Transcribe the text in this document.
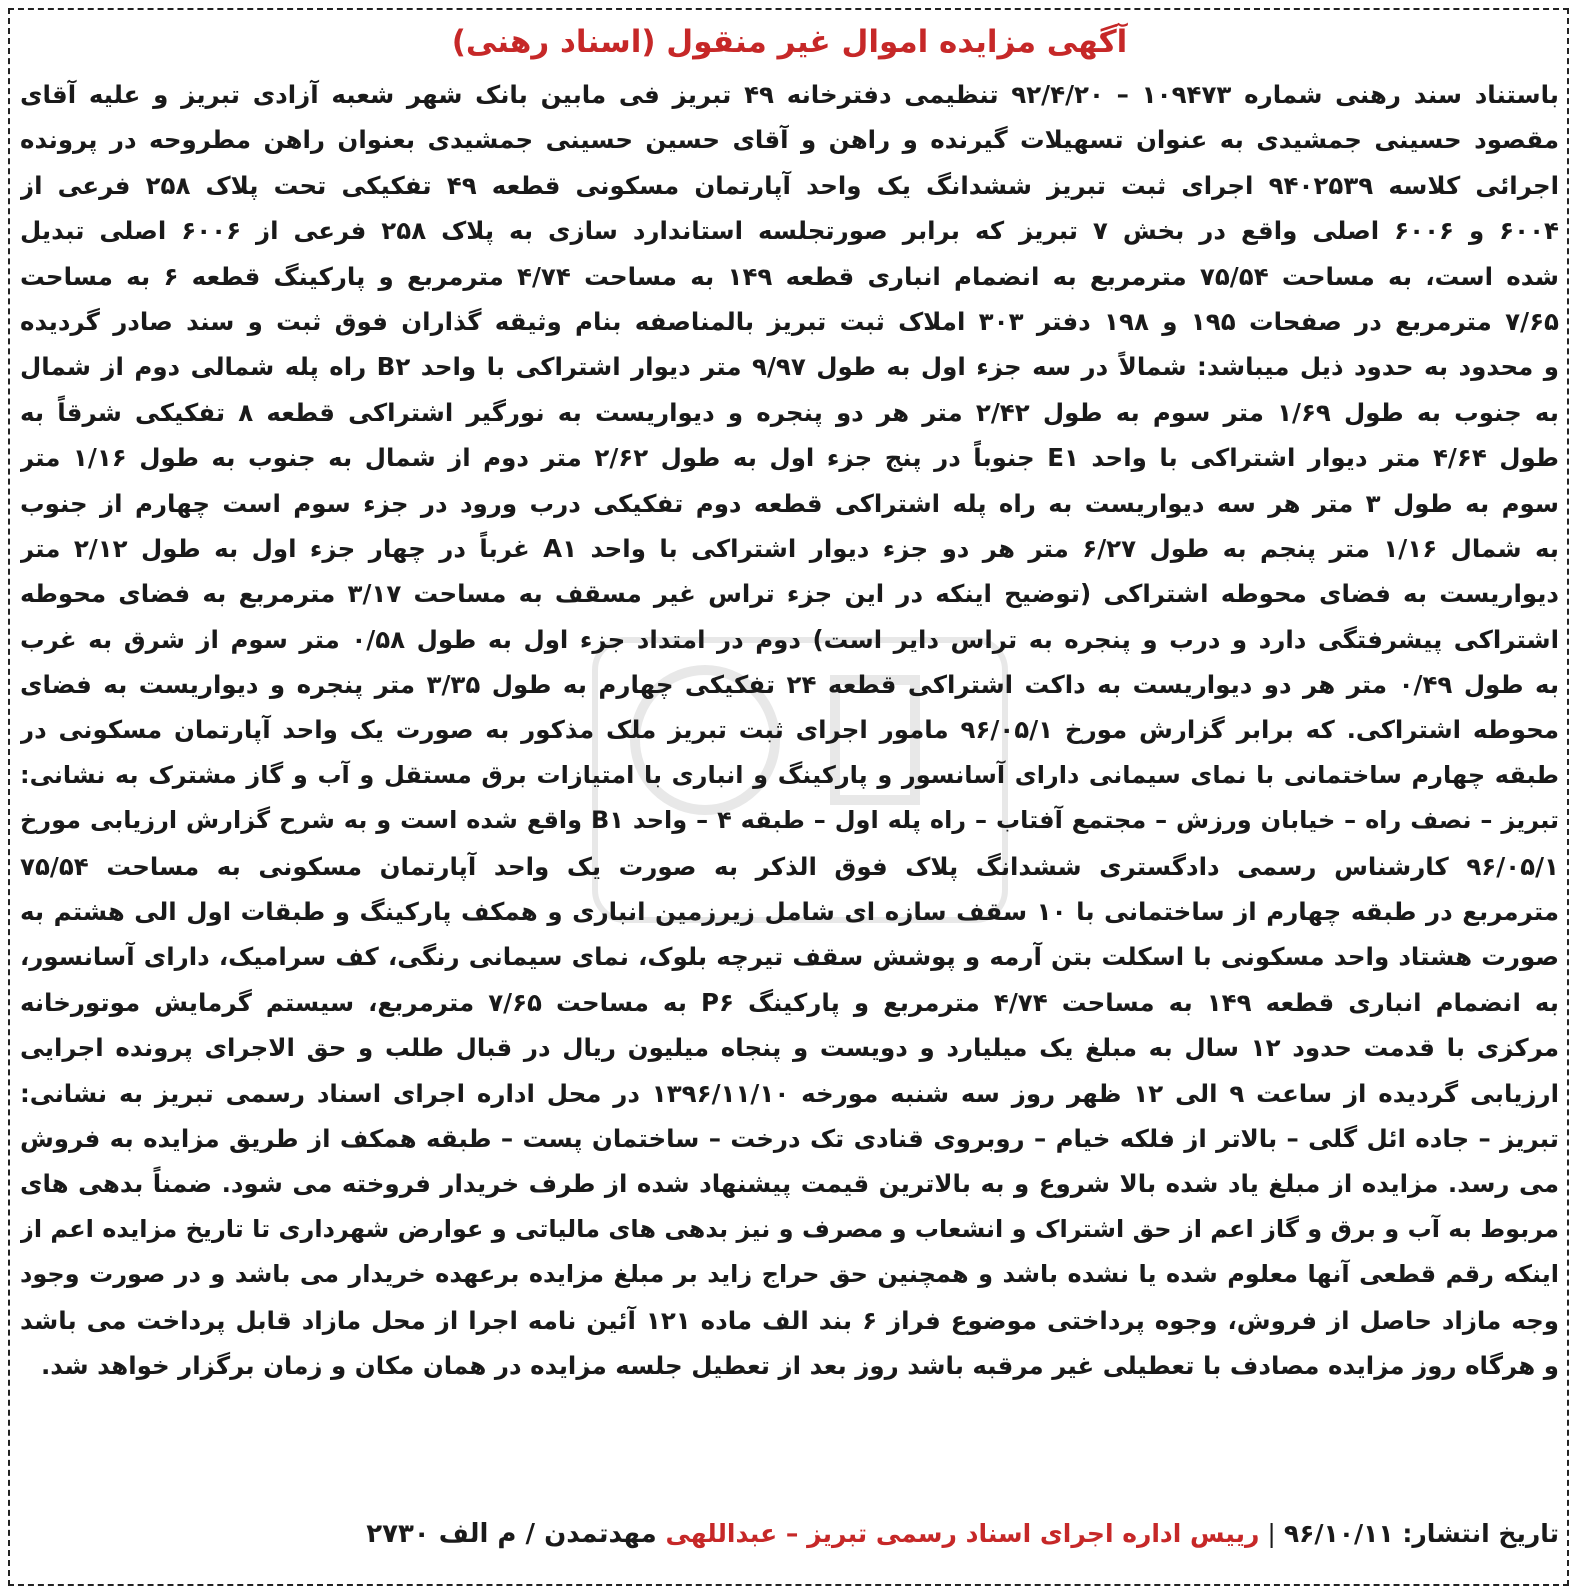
آگهی مزایده اموال غیر منقول (اسناد رهنی)
باستناد سند رهنی شماره ۱۰۹۴۷۳ – ۹۲/۴/۲۰ تنظیمی دفترخانه ۴۹ تبریز فی مابین بانک شهر شعبه آزادی تبریز و علیه آقای
مقصود حسینی جمشیدی به عنوان تسهیلات گیرنده و راهن و آقای حسین حسینی جمشیدی بعنوان راهن مطروحه در پرونده
اجرائی کلاسه ۹۴۰۲۵۳۹ اجرای ثبت تبریز ششدانگ یک واحد آپارتمان مسکونی قطعه ۴۹ تفکیکی تحت پلاک ۲۵۸ فرعی از
۶۰۰۴ و ۶۰۰۶ اصلی واقع در بخش ۷ تبریز که برابر صورتجلسه استاندارد سازی به پلاک ۲۵۸ فرعی از ۶۰۰۶ اصلی تبدیل
شده است، به مساحت ۷۵/۵۴ مترمربع به انضمام انباری قطعه ۱۴۹ به مساحت ۴/۷۴ مترمربع و پارکینگ قطعه ۶ به مساحت
۷/۶۵ مترمربع در صفحات ۱۹۵ و ۱۹۸ دفتر ۳۰۳ املاک ثبت تبریز بالمناصفه بنام وثیقه گذاران فوق ثبت و سند صادر گردیده
و محدود به حدود ذیل میباشد: شمالاً در سه جزء اول به طول ۹/۹۷ متر دیوار اشتراکی با واحد B۲ راه پله شمالی دوم از شمال
به جنوب به طول ۱/۶۹ متر سوم به طول ۲/۴۲ متر هر دو پنجره و دیواریست به نورگیر اشتراکی قطعه ۸ تفکیکی شرقاً به
طول ۴/۶۴ متر دیوار اشتراکی با واحد E۱ جنوباً در پنج جزء اول به طول ۲/۶۲ متر دوم از شمال به جنوب به طول ۱/۱۶ متر
سوم به طول ۳ متر هر سه دیواریست به راه پله اشتراکی قطعه دوم تفکیکی درب ورود در جزء سوم است چهارم از جنوب
به شمال ۱/۱۶ متر پنجم به طول ۶/۲۷ متر هر دو جزء دیوار اشتراکی با واحد A۱ غرباً در چهار جزء اول به طول ۲/۱۲ متر
دیواریست به فضای محوطه اشتراکی (توضیح اینکه در این جزء تراس غیر مسقف به مساحت ۳/۱۷ مترمربع به فضای محوطه
اشتراکی پیشرفتگی دارد و درب و پنجره به تراس دایر است) دوم در امتداد جزء اول به طول ۰/۵۸ متر سوم از شرق به غرب
به طول ۰/۴۹ متر هر دو دیواریست به داکت اشتراکی قطعه ۲۴ تفکیکی چهارم به طول ۳/۳۵ متر پنجره و دیواریست به فضای
محوطه اشتراکی. که برابر گزارش مورخ ۹۶/۰۵/۱ مامور اجرای ثبت تبریز ملک مذکور به صورت یک واحد آپارتمان مسکونی در
طبقه چهارم ساختمانی با نمای سیمانی دارای آسانسور و پارکینگ و انباری با امتیازات برق مستقل و آب و گاز مشترک به نشانی:
تبریز – نصف راه – خیابان ورزش – مجتمع آفتاب – راه پله اول – طبقه ۴ – واحد B۱ واقع شده است و به شرح گزارش ارزیابی مورخ
۹۶/۰۵/۱ کارشناس رسمی دادگستری ششدانگ پلاک فوق الذکر به صورت یک واحد آپارتمان مسکونی به مساحت ۷۵/۵۴
مترمربع در طبقه چهارم از ساختمانی با ۱۰ سقف سازه ای شامل زیرزمین انباری و همکف پارکینگ و طبقات اول الی هشتم به
صورت هشتاد واحد مسکونی با اسکلت بتن آرمه و پوشش سقف تیرچه بلوک، نمای سیمانی رنگی، کف سرامیک، دارای آسانسور،
به انضمام انباری قطعه ۱۴۹ به مساحت ۴/۷۴ مترمربع و پارکینگ P۶ به مساحت ۷/۶۵ مترمربع، سیستم گرمایش موتورخانه
مرکزی با قدمت حدود ۱۲ سال به مبلغ یک میلیارد و دویست و پنجاه میلیون ریال در قبال طلب و حق الاجرای پرونده اجرایی
ارزیابی گردیده از ساعت ۹ الی ۱۲ ظهر روز سه شنبه مورخه ۱۳۹۶/۱۱/۱۰ در محل اداره اجرای اسناد رسمی تبریز به نشانی:
تبریز – جاده ائل گلی – بالاتر از فلکه خیام – روبروی قنادی تک درخت – ساختمان پست – طبقه همکف از طریق مزایده به فروش
می رسد. مزایده از مبلغ یاد شده بالا شروع و به بالاترین قیمت پیشنهاد شده از طرف خریدار فروخته می شود. ضمناً بدهی های
مربوط به آب و برق و گاز اعم از حق اشتراک و انشعاب و مصرف و نیز بدهی های مالیاتی و عوارض شهرداری تا تاریخ مزایده اعم از
اینکه رقم قطعی آنها معلوم شده یا نشده باشد و همچنین حق حراج زاید بر مبلغ مزایده برعهده خریدار می باشد و در صورت وجود
وجه مازاد حاصل از فروش، وجوه پرداختی موضوع فراز ۶ بند الف ماده ۱۲۱ آئین نامه اجرا از محل مازاد قابل پرداخت می باشد
و هرگاه روز مزایده مصادف با تعطیلی غیر مرقبه باشد روز بعد از تعطیل جلسه مزایده در همان مکان و زمان برگزار خواهد شد.
تاریخ انتشار: ۹۶/۱۰/۱۱|رییس اداره اجرای اسناد رسمی تبریز – عبداللهی مهدتمدن / م الف ۲۷۳۰
